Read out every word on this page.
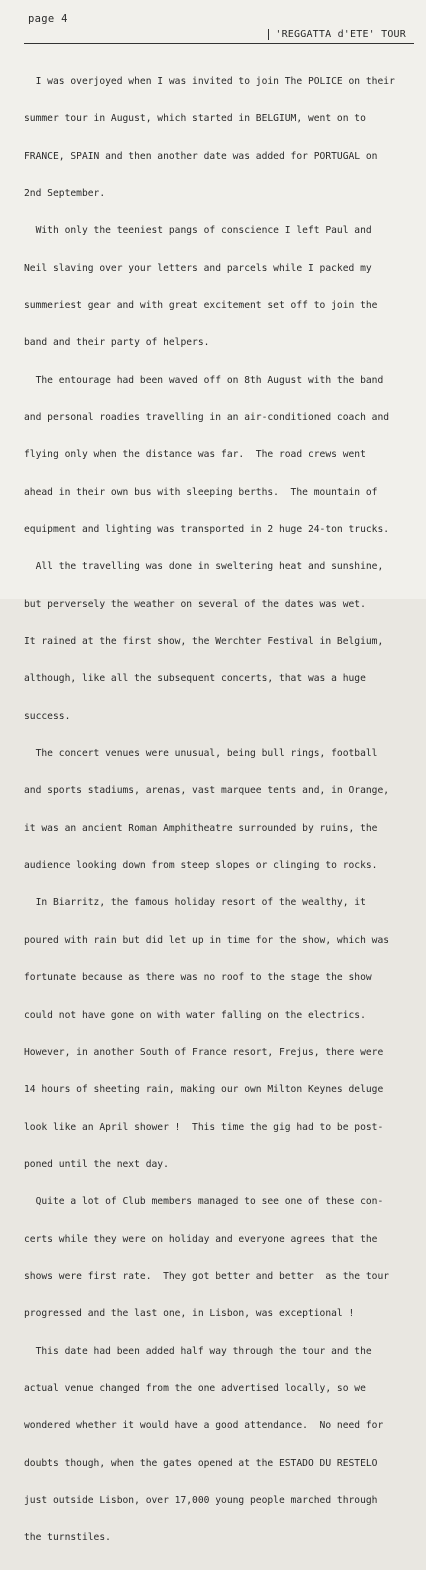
page 4
'REGGATTA d'ETE' TOUR

I was overjoyed when I was invited to join The POLICE on their

summer tour in August, which started in BELGIUM, went on to

FRANCE, SPAIN and then another date was added for PORTUGAL on

2nd September.

With only the teeniest pangs of conscience I left Paul and

Neil slaving over your letters and parcels while I packed my

summeriest gear and with great excitement set off to join the

band and their party of helpers.

The entourage had been waved off on 8th August with the band

and personal roadies travelling in an air-conditioned coach and

flying only when the distance was far.  The road crews went

ahead in their own bus with sleeping berths.  The mountain of

equipment and lighting was transported in 2 huge 24-ton trucks.

All the travelling was done in sweltering heat and sunshine,

but perversely the weather on several of the dates was wet.

It rained at the first show, the Werchter Festival in Belgium,

although, like all the subsequent concerts, that was a huge

success.

The concert venues were unusual, being bull rings, football

and sports stadiums, arenas, vast marquee tents and, in Orange,

it was an ancient Roman Amphitheatre surrounded by ruins, the

audience looking down from steep slopes or clinging to rocks.

In Biarritz, the famous holiday resort of the wealthy, it

poured with rain but did let up in time for the show, which was

fortunate because as there was no roof to the stage the show

could not have gone on with water falling on the electrics.

However, in another South of France resort, Frejus, there were

14 hours of sheeting rain, making our own Milton Keynes deluge

look like an April shower !  This time the gig had to be post-

poned until the next day.

Quite a lot of Club members managed to see one of these con-

certs while they were on holiday and everyone agrees that the

shows were first rate.  They got better and better  as the tour

progressed and the last one, in Lisbon, was exceptional !

This date had been added half way through the tour and the

actual venue changed from the one advertised locally, so we

wondered whether it would have a good attendance.  No need for

doubts though, when the gates opened at the ESTADO DU RESTELO

just outside Lisbon, over 17,000 young people marched through

the turnstiles.
